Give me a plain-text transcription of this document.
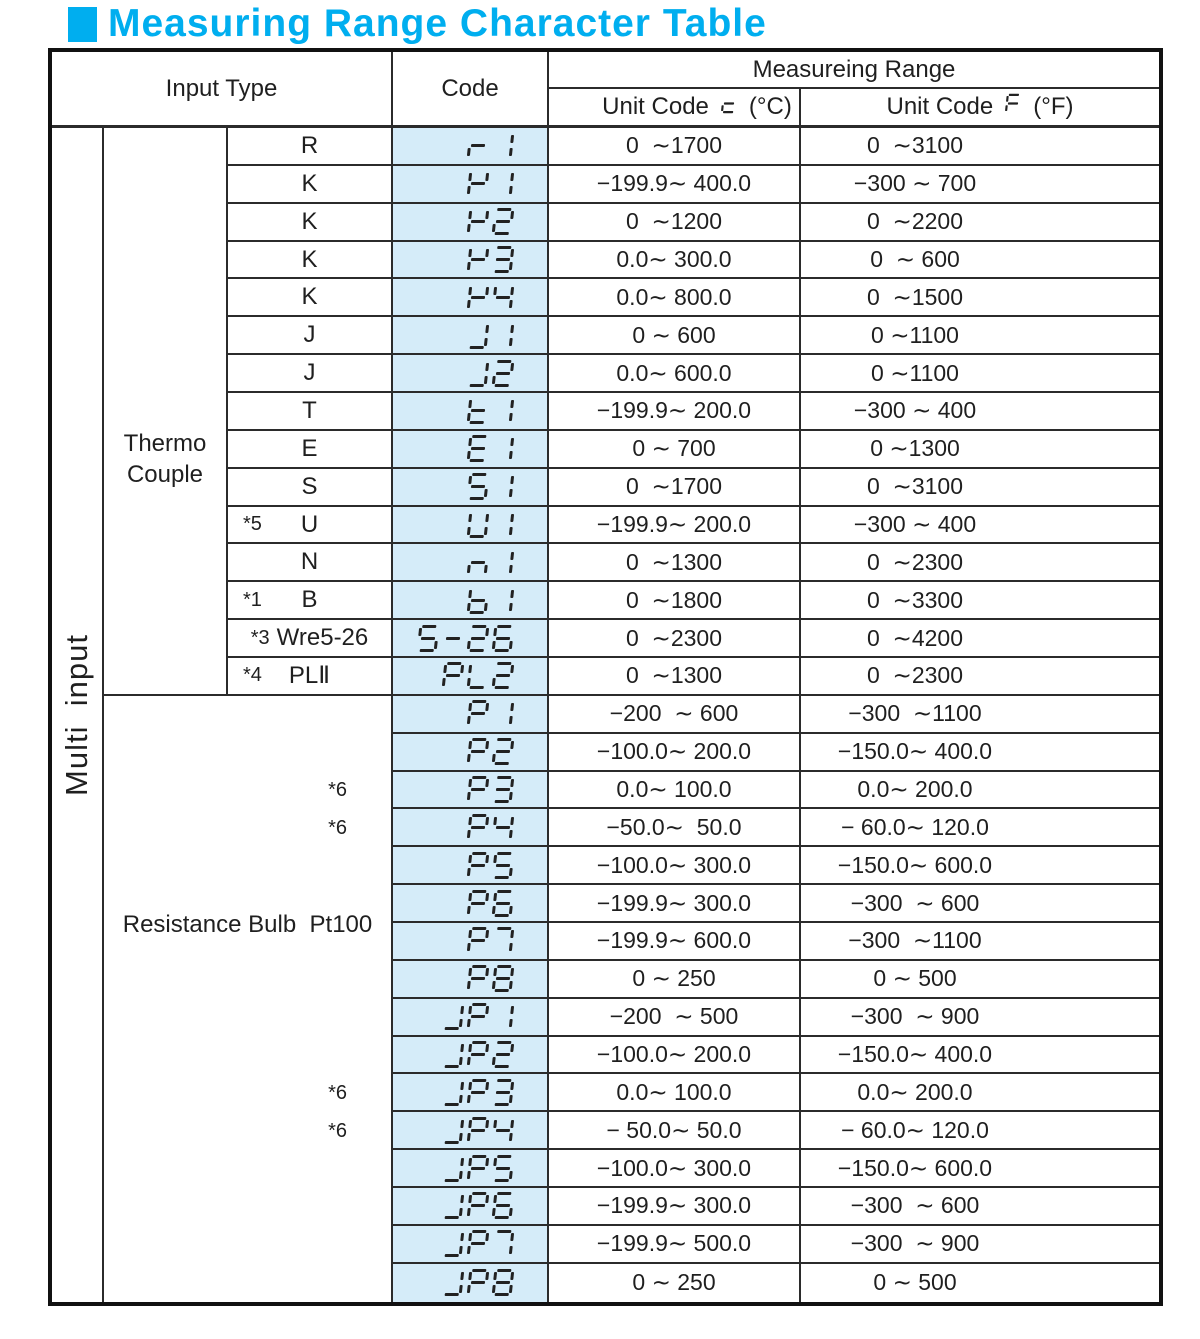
Measuring Range Character Table
Input Type	Code
Measureing Range
Unit Code (°C)	Unit Code (°F)
Multi  input
Thermo
Couple
R	0  ∼1700	0  ∼3100
K	−199.9∼ 400.0	−300 ∼ 700
K	0  ∼1200	0  ∼2200
K	0.0∼ 300.0	0  ∼ 600
K	0.0∼ 800.0	0  ∼1500
J	0 ∼ 600	0 ∼1100
J	0.0∼ 600.0	0 ∼1100
T	−199.9∼ 200.0	−300 ∼ 400
E	0 ∼ 700	0 ∼1300
S	0  ∼1700	0  ∼3100
*5 U	−199.9∼ 200.0	−300 ∼ 400
N	0  ∼1300	0  ∼2300
*1 B	0  ∼1800	0  ∼3300
*3 Wre5-26	0  ∼2300	0  ∼4200
*4 PLⅡ	0  ∼1300	0  ∼2300
Resistance Bulb  Pt100
−200  ∼ 600	−300  ∼1100
−100.0∼ 200.0	−150.0∼ 400.0
*6	0.0∼ 100.0	0.0∼ 200.0
*6	−50.0∼  50.0	− 60.0∼ 120.0
−100.0∼ 300.0	−150.0∼ 600.0
−199.9∼ 300.0	−300  ∼ 600
−199.9∼ 600.0	−300  ∼1100
0 ∼ 250	0 ∼ 500
−200  ∼ 500	−300  ∼ 900
−100.0∼ 200.0	−150.0∼ 400.0
*6	0.0∼ 100.0	0.0∼ 200.0
*6	− 50.0∼ 50.0	− 60.0∼ 120.0
−100.0∼ 300.0	−150.0∼ 600.0
−199.9∼ 300.0	−300  ∼ 600
−199.9∼ 500.0	−300  ∼ 900
0 ∼ 250	0 ∼ 500
